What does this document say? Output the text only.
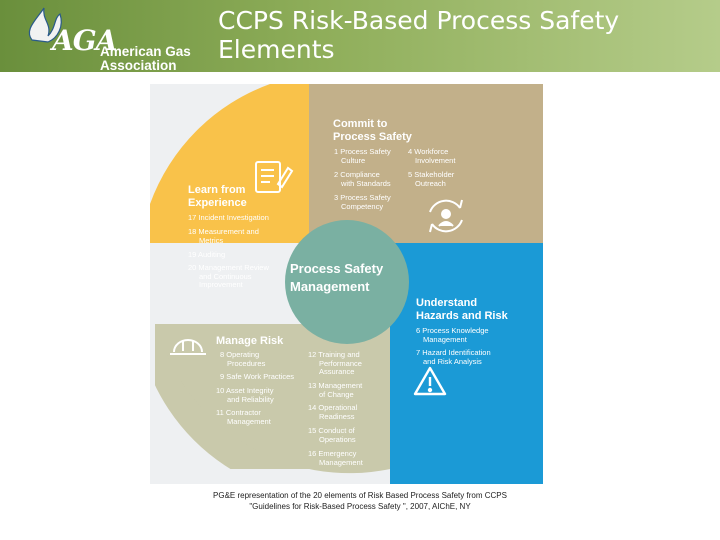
AGA
American Gas
Association
CCPS Risk-Based Process Safety
Elements
Commit to
Process Safety
1 Process Safety
Culture
2 Compliance
with Standards
3 Process Safety
Competency
4 Workforce
Involvement
5 Stakeholder
Outreach
Learn from
Experience
17 Incident Investigation
18 Measurement and
Metrics
19 Auditing
20 Management Review
and Continuous
Improvement
Process Safety
Management
Understand
Hazards and Risk
6 Process Knowledge
Management
7 Hazard Identification
and Risk Analysis
Manage Risk
8 Operating
Procedures
9 Safe Work Practices
10 Asset Integrity
and Reliability
11 Contractor
Management
12 Training and
Performance
Assurance
13 Management
of Change
14 Operational
Readiness
15 Conduct of
Operations
16 Emergency
Management
PG&E representation of the 20 elements of Risk Based Process Safety from CCPS
"Guidelines for Risk-Based Process Safety ", 2007, AIChE, NY
